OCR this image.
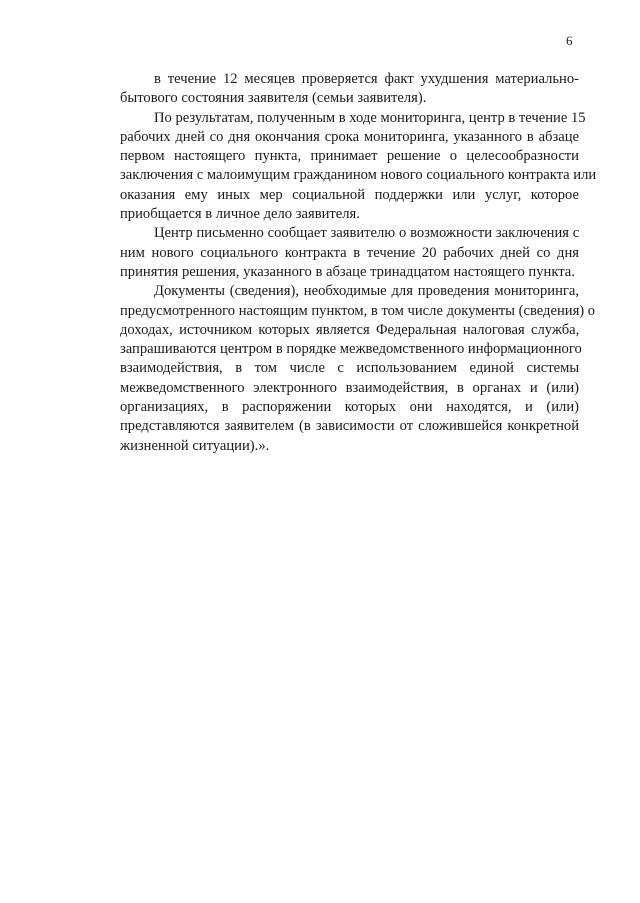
6
в течение 12 месяцев проверяется факт ухудшения материально-
бытового состояния заявителя (семьи заявителя).
По результатам, полученным в ходе мониторинга, центр в течение 15
рабочих дней со дня окончания срока мониторинга, указанного в абзаце
первом настоящего пункта, принимает решение о целесообразности
заключения с малоимущим гражданином нового социального контракта или
оказания ему иных мер социальной поддержки или услуг, которое
приобщается в личное дело заявителя.
Центр письменно сообщает заявителю о возможности заключения с
ним нового социального контракта в течение 20 рабочих дней со дня
принятия решения, указанного в абзаце тринадцатом настоящего пункта.
Документы (сведения), необходимые для проведения мониторинга,
предусмотренного настоящим пунктом, в том числе документы (сведения) о
доходах, источником которых является Федеральная налоговая служба,
запрашиваются центром в порядке межведомственного информационного
взаимодействия, в том числе с использованием единой системы
межведомственного электронного взаимодействия, в органах и (или)
организациях, в распоряжении которых они находятся, и (или)
представляются заявителем (в зависимости от сложившейся конкретной
жизненной ситуации).».
